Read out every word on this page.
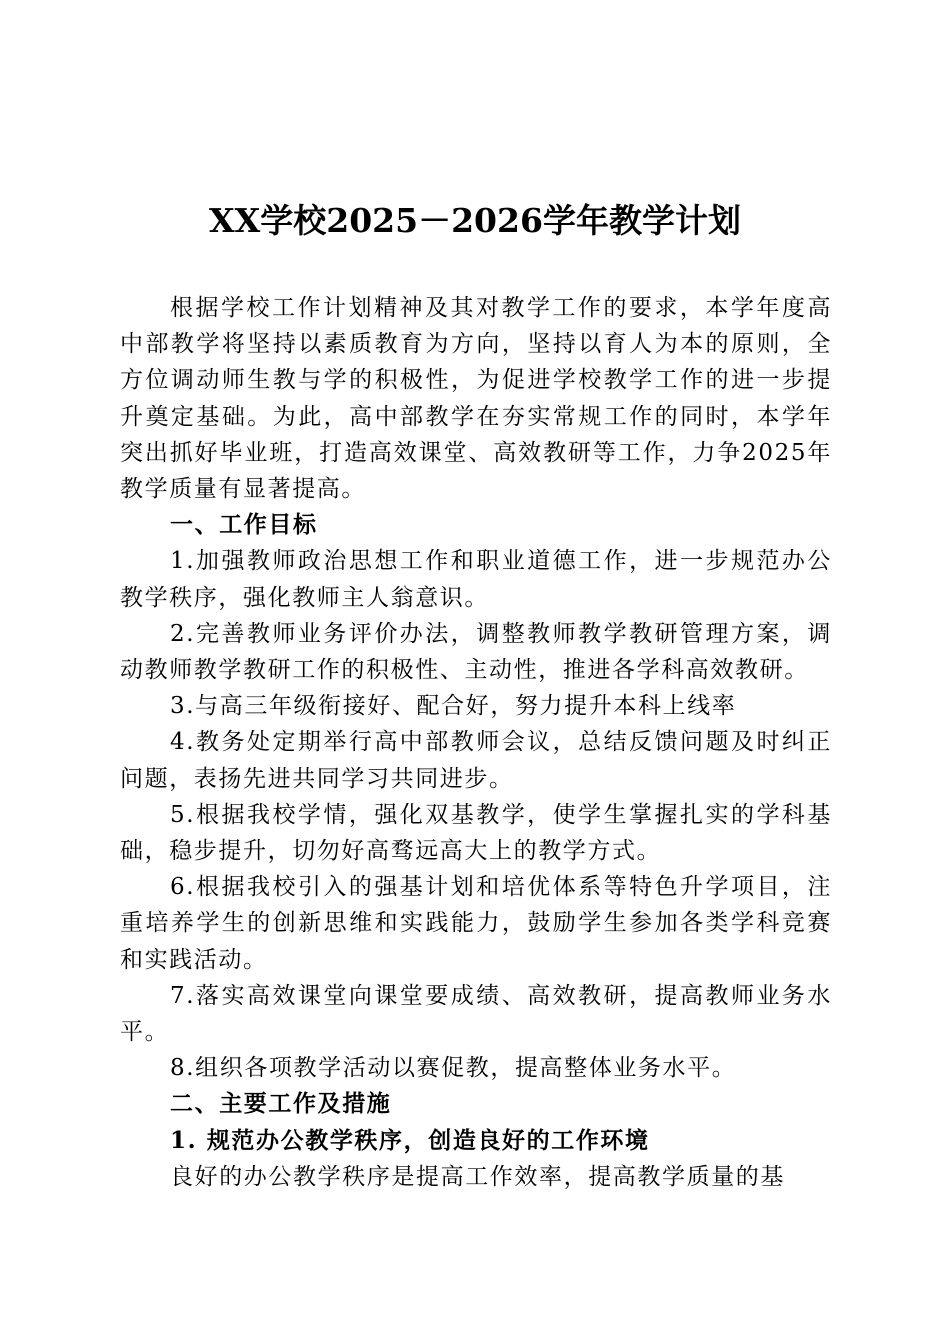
XX学校2025－2026学年教学计划

根据学校工作计划精神及其对教学工作的要求，本学年度高中部教学将坚持以素质教育为方向，坚持以育人为本的原则，全方位调动师生教与学的积极性，为促进学校教学工作的进一步提升奠定基础。为此，高中部教学在夯实常规工作的同时，本学年突出抓好毕业班，打造高效课堂、高效教研等工作，力争2025年教学质量有显著提高。

一、工作目标

1.加强教师政治思想工作和职业道德工作，进一步规范办公教学秩序，强化教师主人翁意识。

2.完善教师业务评价办法，调整教师教学教研管理方案，调动教师教学教研工作的积极性、主动性，推进各学科高效教研。

3.与高三年级衔接好、配合好，努力提升本科上线率

4.教务处定期举行高中部教师会议，总结反馈问题及时纠正问题，表扬先进共同学习共同进步。

5.根据我校学情，强化双基教学，使学生掌握扎实的学科基础，稳步提升，切勿好高骛远高大上的教学方式。

6.根据我校引入的强基计划和培优体系等特色升学项目，注重培养学生的创新思维和实践能力，鼓励学生参加各类学科竞赛和实践活动。

7.落实高效课堂向课堂要成绩、高效教研，提高教师业务水平。

8.组织各项教学活动以赛促教，提高整体业务水平。

二、主要工作及措施

1. 规范办公教学秩序，创造良好的工作环境

良好的办公教学秩序是提高工作效率，提高教学质量的基
